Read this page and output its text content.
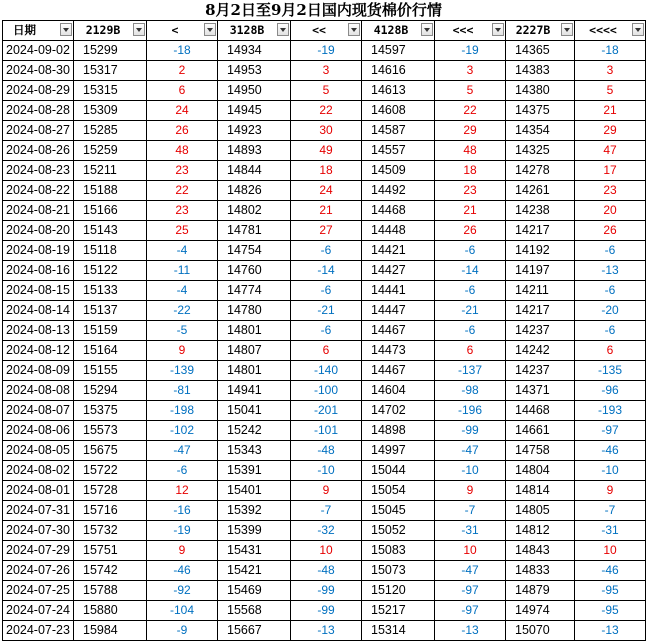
8月2日至9月2日国内现货棉价行情
日期	2129B	<	3128B	<<	4128B	<<<	2227B	<<<<

2024-09-02	15299	-18	14934	-19	14597	-19	14365	-18
2024-08-30	15317	2	14953	3	14616	3	14383	3
2024-08-29	15315	6	14950	5	14613	5	14380	5
2024-08-28	15309	24	14945	22	14608	22	14375	21
2024-08-27	15285	26	14923	30	14587	29	14354	29
2024-08-26	15259	48	14893	49	14557	48	14325	47
2024-08-23	15211	23	14844	18	14509	18	14278	17
2024-08-22	15188	22	14826	24	14492	23	14261	23
2024-08-21	15166	23	14802	21	14468	21	14238	20
2024-08-20	15143	25	14781	27	14448	26	14217	26
2024-08-19	15118	-4	14754	-6	14421	-6	14192	-6
2024-08-16	15122	-11	14760	-14	14427	-14	14197	-13
2024-08-15	15133	-4	14774	-6	14441	-6	14211	-6
2024-08-14	15137	-22	14780	-21	14447	-21	14217	-20
2024-08-13	15159	-5	14801	-6	14467	-6	14237	-6
2024-08-12	15164	9	14807	6	14473	6	14242	6
2024-08-09	15155	-139	14801	-140	14467	-137	14237	-135
2024-08-08	15294	-81	14941	-100	14604	-98	14371	-96
2024-08-07	15375	-198	15041	-201	14702	-196	14468	-193
2024-08-06	15573	-102	15242	-101	14898	-99	14661	-97
2024-08-05	15675	-47	15343	-48	14997	-47	14758	-46
2024-08-02	15722	-6	15391	-10	15044	-10	14804	-10
2024-08-01	15728	12	15401	9	15054	9	14814	9
2024-07-31	15716	-16	15392	-7	15045	-7	14805	-7
2024-07-30	15732	-19	15399	-32	15052	-31	14812	-31
2024-07-29	15751	9	15431	10	15083	10	14843	10
2024-07-26	15742	-46	15421	-48	15073	-47	14833	-46
2024-07-25	15788	-92	15469	-99	15120	-97	14879	-95
2024-07-24	15880	-104	15568	-99	15217	-97	14974	-95
2024-07-23	15984	-9	15667	-13	15314	-13	15070	-13
